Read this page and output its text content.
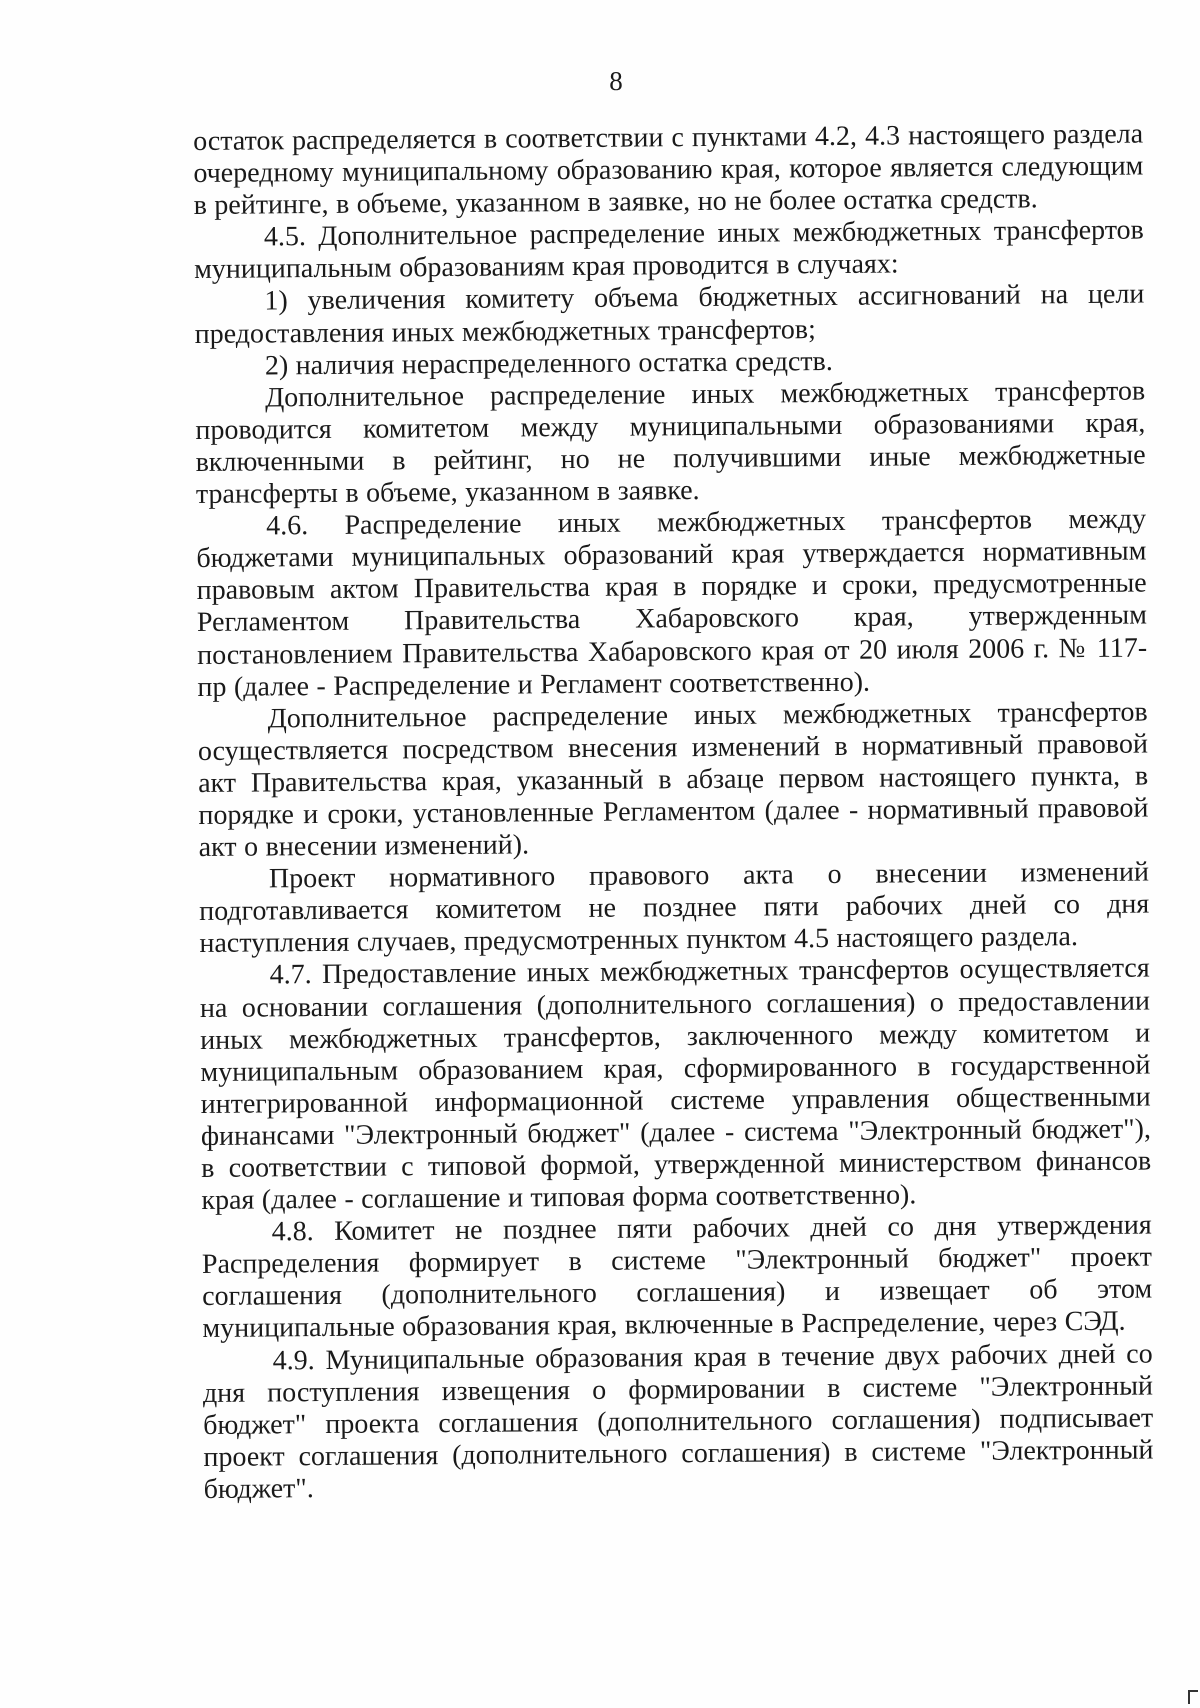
8

остаток распределяется в соответствии с пунктами 4.2, 4.3 настоящего раздела очередному муниципальному образованию края, которое является следующим в рейтинге, в объеме, указанном в заявке, но не более остатка средств.

4.5. Дополнительное распределение иных межбюджетных трансфертов муниципальным образованиям края проводится в случаях:

1) увеличения комитету объема бюджетных ассигнований на цели предоставления иных межбюджетных трансфертов;

2) наличия нераспределенного остатка средств.

Дополнительное распределение иных межбюджетных трансфертов проводится комитетом между муниципальными образованиями края, включенными в рейтинг, но не получившими иные межбюджетные трансферты в объеме, указанном в заявке.

4.6. Распределение иных межбюджетных трансфертов между бюджетами муниципальных образований края утверждается нормативным правовым актом Правительства края в порядке и сроки, предусмотренные Регламентом Правительства Хабаровского края, утвержденным постановлением Правительства Хабаровского края от 20 июля 2006 г. № 117-пр (далее - Распределение и Регламент соответственно).

Дополнительное распределение иных межбюджетных трансфертов осуществляется посредством внесения изменений в нормативный правовой акт Правительства края, указанный в абзаце первом настоящего пункта, в порядке и сроки, установленные Регламентом (далее - нормативный правовой акт о внесении изменений).

Проект нормативного правового акта о внесении изменений подготавливается комитетом не позднее пяти рабочих дней со дня наступления случаев, предусмотренных пунктом 4.5 настоящего раздела.

4.7. Предоставление иных межбюджетных трансфертов осуществляется на основании соглашения (дополнительного соглашения) о предоставлении иных межбюджетных трансфертов, заключенного между комитетом и муниципальным образованием края, сформированного в государственной интегрированной информационной системе управления общественными финансами "Электронный бюджет" (далее - система "Электронный бюджет"), в соответствии с типовой формой, утвержденной министерством финансов края (далее - соглашение и типовая форма соответственно).

4.8. Комитет не позднее пяти рабочих дней со дня утверждения Распределения формирует в системе "Электронный бюджет" проект соглашения (дополнительного соглашения) и извещает об этом муниципальные образования края, включенные в Распределение, через СЭД.

4.9. Муниципальные образования края в течение двух рабочих дней со дня поступления извещения о формировании в системе "Электронный бюджет" проекта соглашения (дополнительного соглашения) подписывает проект соглашения (дополнительного соглашения) в системе "Электронный бюджет".
